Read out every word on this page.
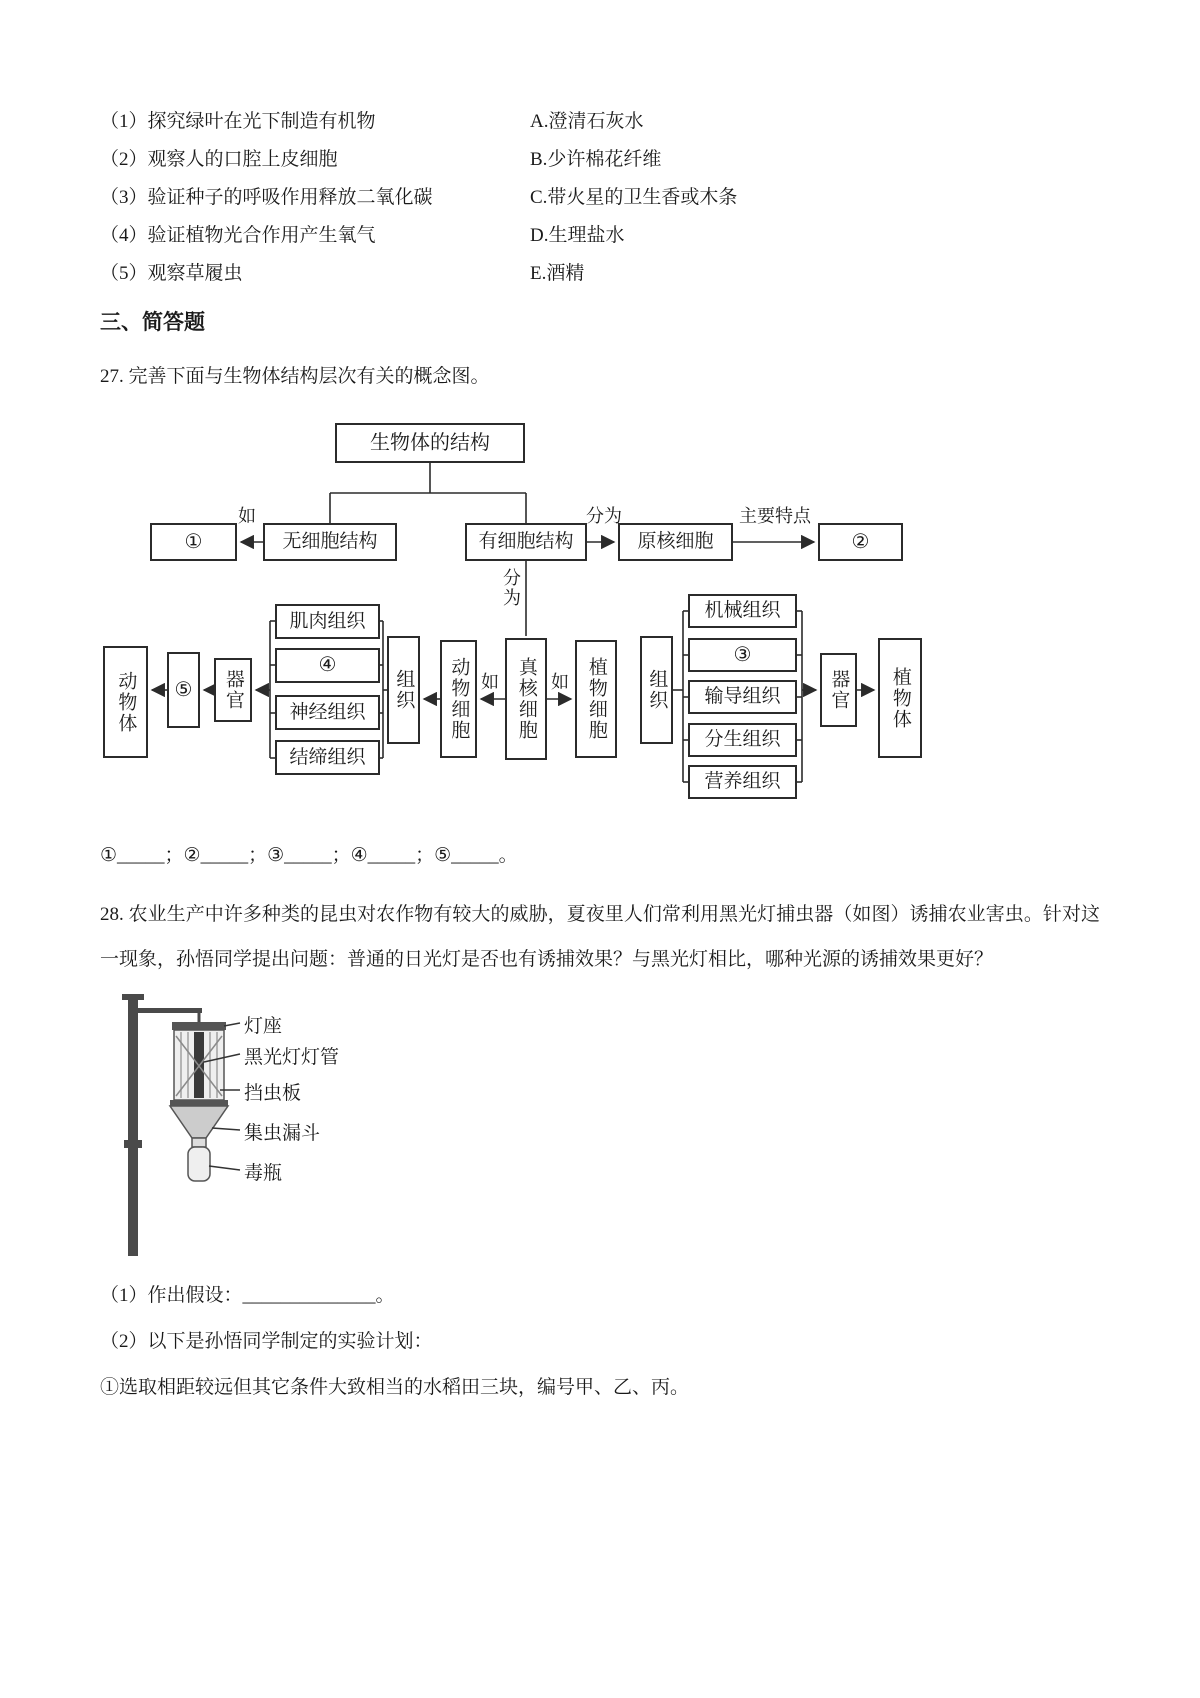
（1）探究绿叶在光下制造有机物	A.澄清石灰水
（2）观察人的口腔上皮细胞	B.少许棉花纤维
（3）验证种子的呼吸作用释放二氧化碳	C.带火星的卫生香或木条
（4）验证植物光合作用产生氧气	D.生理盐水
（5）观察草履虫	E.酒精
三、简答题
27. 完善下面与生物体结构层次有关的概念图。
生物体的结构
①	无细胞结构	有细胞结构	原核细胞	②
如	分为	主要特点
分为
如	如
动物体	⑤	器官
肌肉组织
④
神经组织
结缔组织
组织	动物细胞	真核细胞	植物细胞	组织
机械组织
③
输导组织
分生组织
营养组织
器官	植物体
①_____；②_____；③_____；④_____；⑤_____。
28. 农业生产中许多种类的昆虫对农作物有较大的威胁，夏夜里人们常利用黑光灯捕虫器（如图）诱捕农业害虫。针对这一现象，孙悟同学提出问题：普通的日光灯是否也有诱捕效果？与黑光灯相比，哪种光源的诱捕效果更好？
灯座
黑光灯灯管
挡虫板
集虫漏斗
毒瓶
（1）作出假设：______________。
（2）以下是孙悟同学制定的实验计划：
①选取相距较远但其它条件大致相当的水稻田三块，编号甲、乙、丙。
